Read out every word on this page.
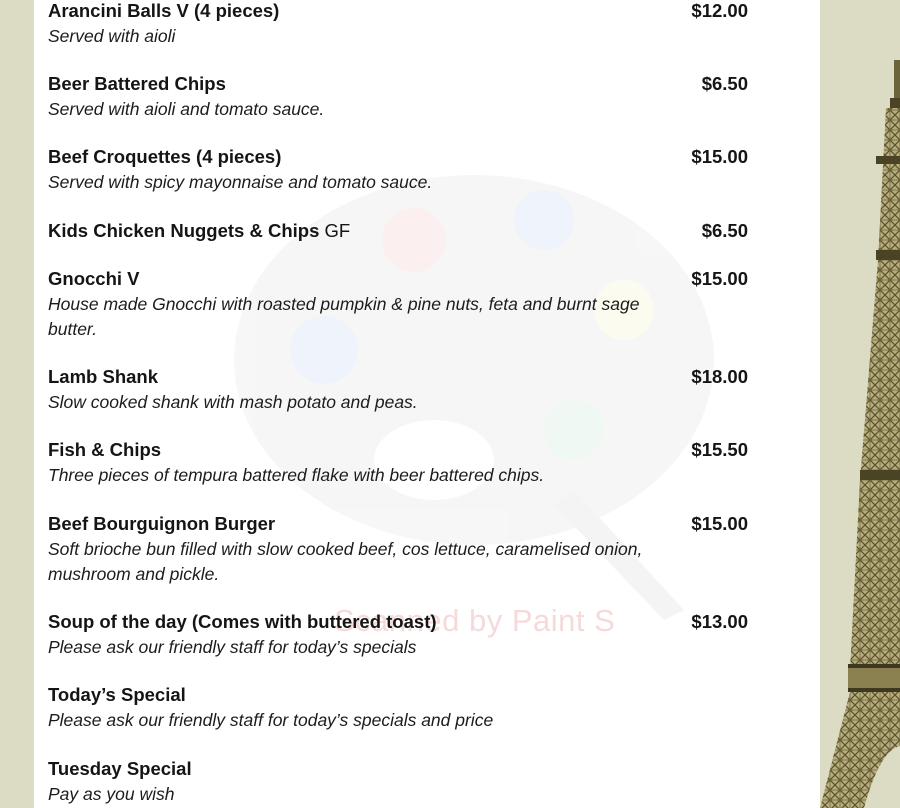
Scanned by Paint S
Arancini Balls V (4 pieces)	$12.00
Served with aioli
Beer Battered Chips	$6.50
Served with aioli and tomato sauce.
Beef Croquettes (4 pieces)	$15.00
Served with spicy mayonnaise and tomato sauce.
Kids Chicken Nuggets & Chips GF	$6.50
Gnocchi V	$15.00
House made Gnocchi with roasted pumpkin & pine nuts, feta and burnt sage butter.
Lamb Shank	$18.00
Slow cooked shank with mash potato and peas.
Fish & Chips	$15.50
Three pieces of tempura battered flake with beer battered chips.
Beef Bourguignon Burger	$15.00
Soft brioche bun filled with slow cooked beef, cos lettuce, caramelised onion, mushroom and pickle.
Soup of the day (Comes with buttered toast)	$13.00
Please ask our friendly staff for today’s specials
Today’s Special
Please ask our friendly staff for today’s specials and price
Tuesday Special
Pay as you wish
